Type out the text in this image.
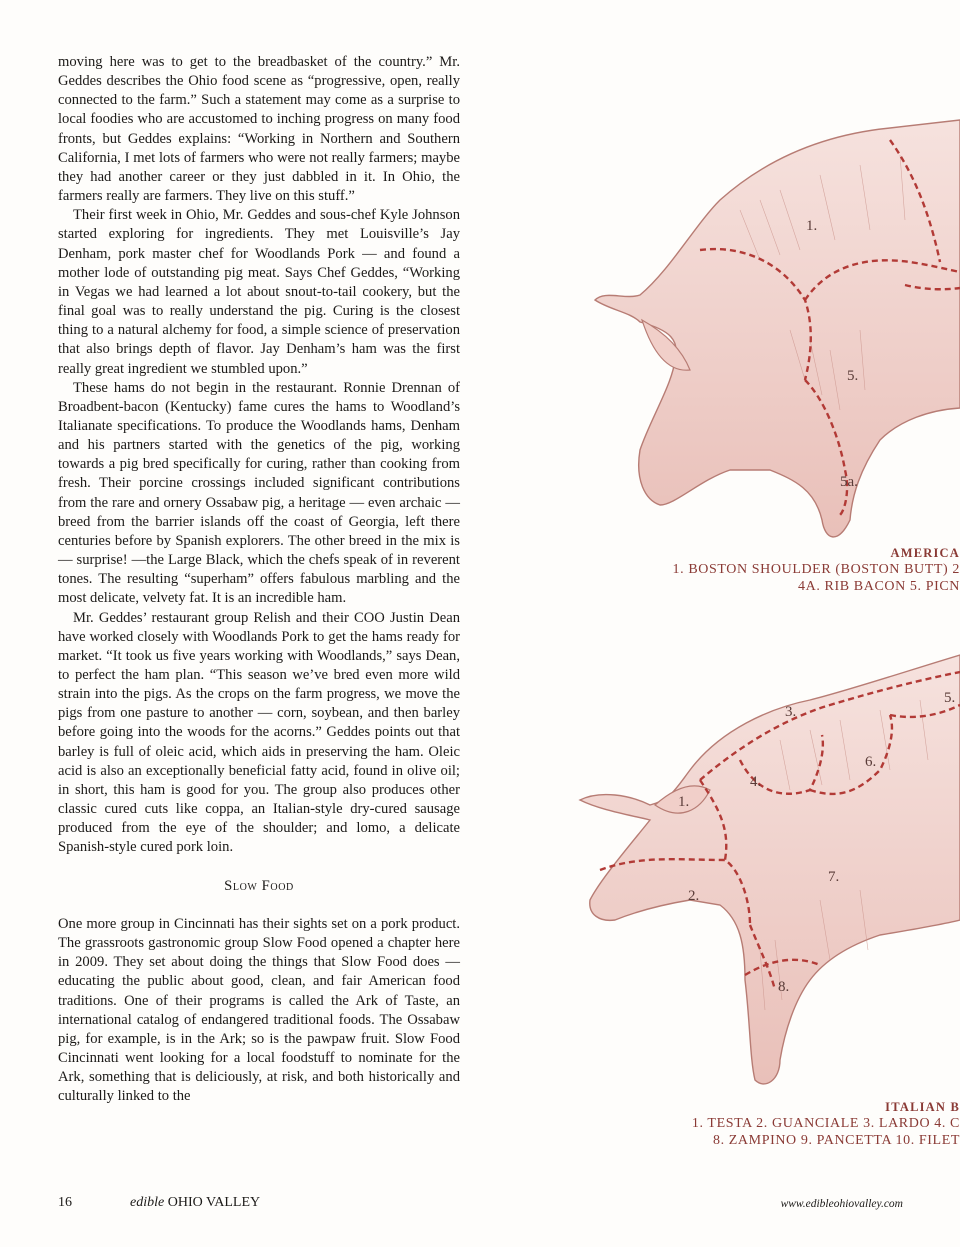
moving here was to get to the breadbasket of the country.” Mr. Geddes describes the Ohio food scene as “progressive, open, really connected to the farm.” Such a statement may come as a surprise to local foodies who are accustomed to inching progress on many food fronts, but Geddes explains: “Working in Northern and Southern California, I met lots of farmers who were not really farmers; maybe they had another career or they just dabbled in it. In Ohio, the farmers really are farmers. They live on this stuff.”

Their first week in Ohio, Mr. Geddes and sous-chef Kyle Johnson started exploring for ingredients. They met Louisville’s Jay Denham, pork master chef for Woodlands Pork — and found a mother lode of outstanding pig meat. Says Chef Geddes, “Working in Vegas we had learned a lot about snout-to-tail cookery, but the final goal was to really understand the pig. Curing is the closest thing to a natural alchemy for food, a simple science of preservation that also brings depth of flavor. Jay Denham’s ham was the first really great ingredient we stumbled upon.”

These hams do not begin in the restaurant. Ronnie Drennan of Broadbent-bacon (Kentucky) fame cures the hams to Woodland’s Italianate specifications. To produce the Woodlands hams, Denham and his partners started with the genetics of the pig, working towards a pig bred specifically for curing, rather than cooking from fresh. Their porcine crossings included significant contributions from the rare and ornery Ossabaw pig, a heritage — even archaic — breed from the barrier islands off the coast of Georgia, left there centuries before by Spanish explorers. The other breed in the mix is — surprise! —the Large Black, which the chefs speak of in reverent tones. The resulting “superham” offers fabulous marbling and the most delicate, velvety fat. It is an incredible ham.

Mr. Geddes’ restaurant group Relish and their COO Justin Dean have worked closely with Woodlands Pork to get the hams ready for market. “It took us five years working with Woodlands,” says Dean, to perfect the ham plan. “This season we’ve bred even more wild strain into the pigs. As the crops on the farm progress, we move the pigs from one pasture to another — corn, soybean, and then barley before going into the woods for the acorns.” Geddes points out that barley is full of oleic acid, which aids in preserving the ham. Oleic acid is also an exceptionally beneficial fatty acid, found in olive oil; in short, this ham is good for you. The group also produces other classic cured cuts like coppa, an Italian-style dry-cured sausage produced from the eye of the shoulder; and lomo, a delicate Spanish-style cured pork loin.

Slow Food

One more group in Cincinnati has their sights set on a pork product. The grassroots gastronomic group Slow Food opened a chapter here in 2009. They set about doing the things that Slow Food does — educating the public about good, clean, and fair American food traditions. One of their programs is called the Ark of Taste, an international catalog of endangered traditional foods. The Ossabaw pig, for example, is in the Ark; so is the pawpaw fruit. Slow Food Cincinnati went looking for a local foodstuff to nominate for the Ark, something that is deliciously, at risk, and both historically and culturally linked to the

16	edible OHIO VALLEY	www.edibleohiovalley.com
1.
5.
5a.
3.
5.
4.
6.
1.
7.
2.
8.
AMERICA
1. BOSTON SHOULDER (BOSTON BUTT) 2
4A. RIB BACON 5. PICN
ITALIAN B
1. TESTA 2. GUANCIALE 3. LARDO 4. C
8. ZAMPINO 9. PANCETTA 10. FILET
